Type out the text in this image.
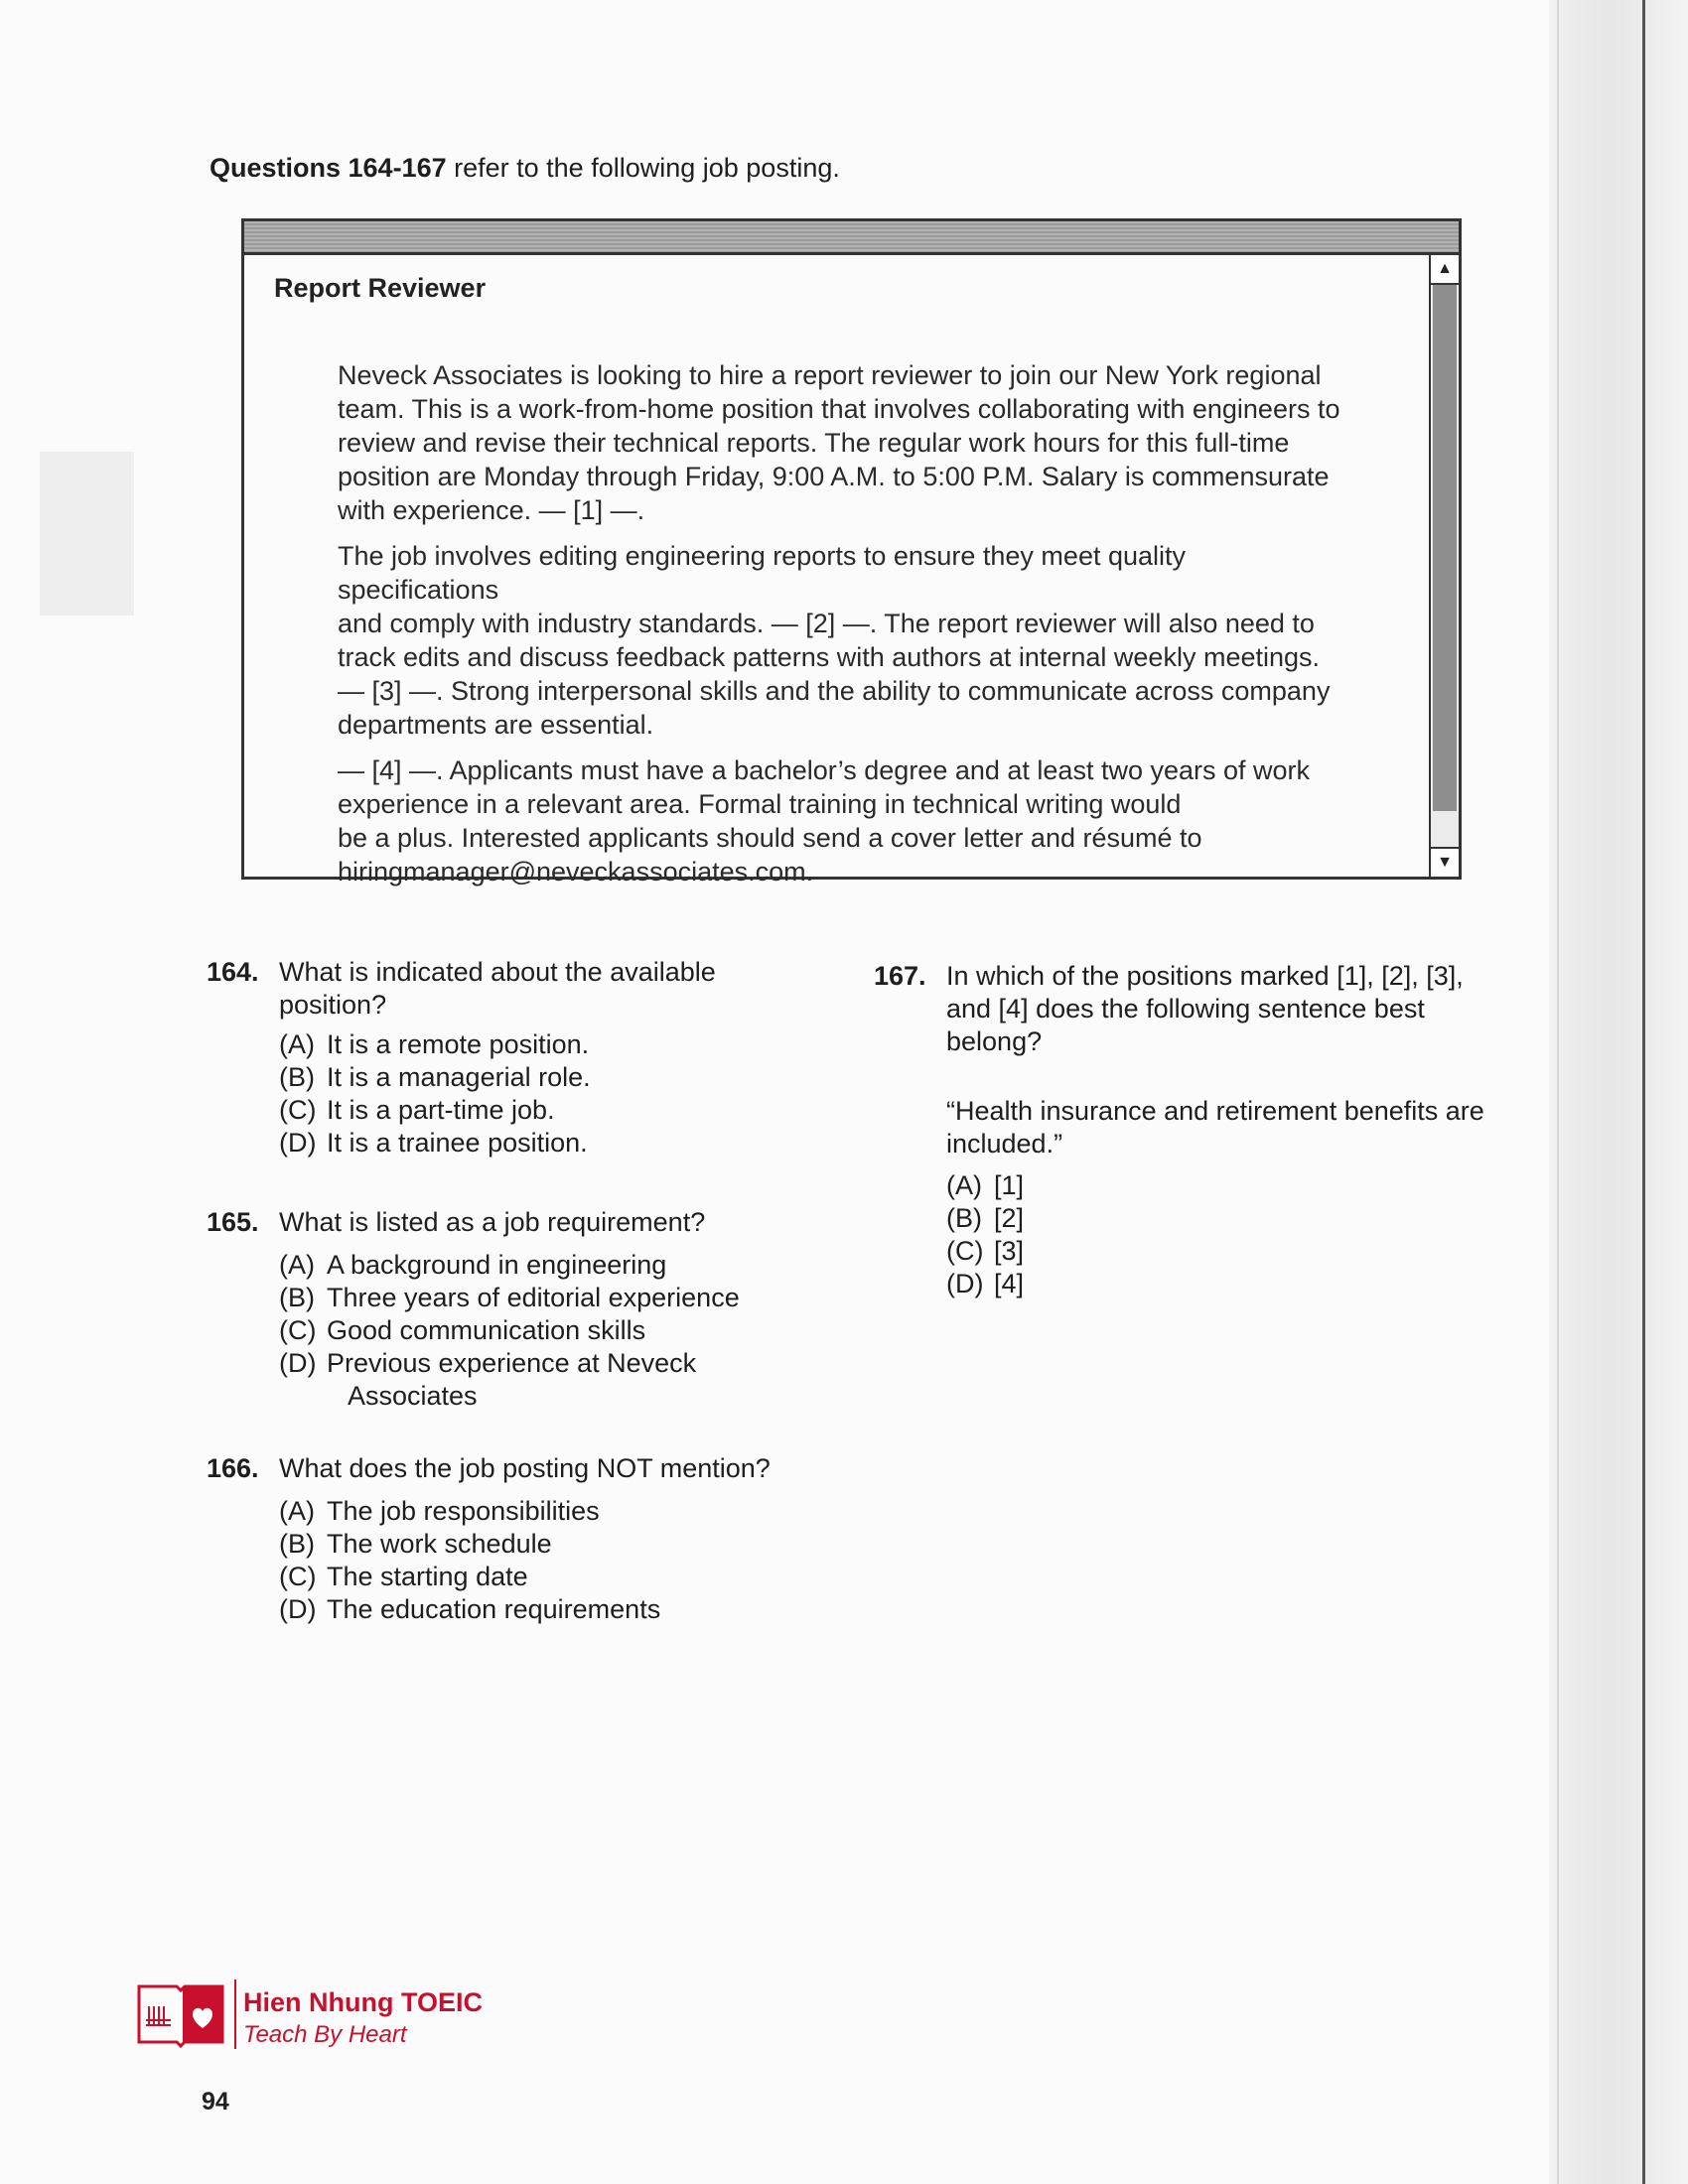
Questions 164-167 refer to the following job posting.
Report Reviewer

Neveck Associates is looking to hire a report reviewer to join our New York regional
team. This is a work-from-home position that involves collaborating with engineers to
review and revise their technical reports. The regular work hours for this full-time
position are Monday through Friday, 9:00 A.M. to 5:00 P.M. Salary is commensurate
with experience. — [1] —.

The job involves editing engineering reports to ensure they meet quality specifications
and comply with industry standards. — [2] —. The report reviewer will also need to
track edits and discuss feedback patterns with authors at internal weekly meetings.
— [3] —. Strong interpersonal skills and the ability to communicate across company
departments are essential.

— [4] —. Applicants must have a bachelor’s degree and at least two years of work
experience in a relevant area. Formal training in technical writing would
be a plus. Interested applicants should send a cover letter and résumé to
hiringmanager@neveckassociates.com.

▲
▼
164. What is indicated about the available position?
(A) It is a remote position.
(B) It is a managerial role.
(C) It is a part-time job.
(D) It is a trainee position.
165. What is listed as a job requirement?
(A) A background in engineering
(B) Three years of editorial experience
(C) Good communication skills
(D) Previous experience at Neveck
Associates
166. What does the job posting NOT mention?
(A) The job responsibilities
(B) The work schedule
(C) The starting date
(D) The education requirements
167. In which of the positions marked [1], [2], [3], and [4] does the following sentence best belong?
“Health insurance and retirement benefits are included.”
(A) [1]
(B) [2]
(C) [3]
(D) [4]
Hien Nhung TOEIC
Teach By Heart
94
